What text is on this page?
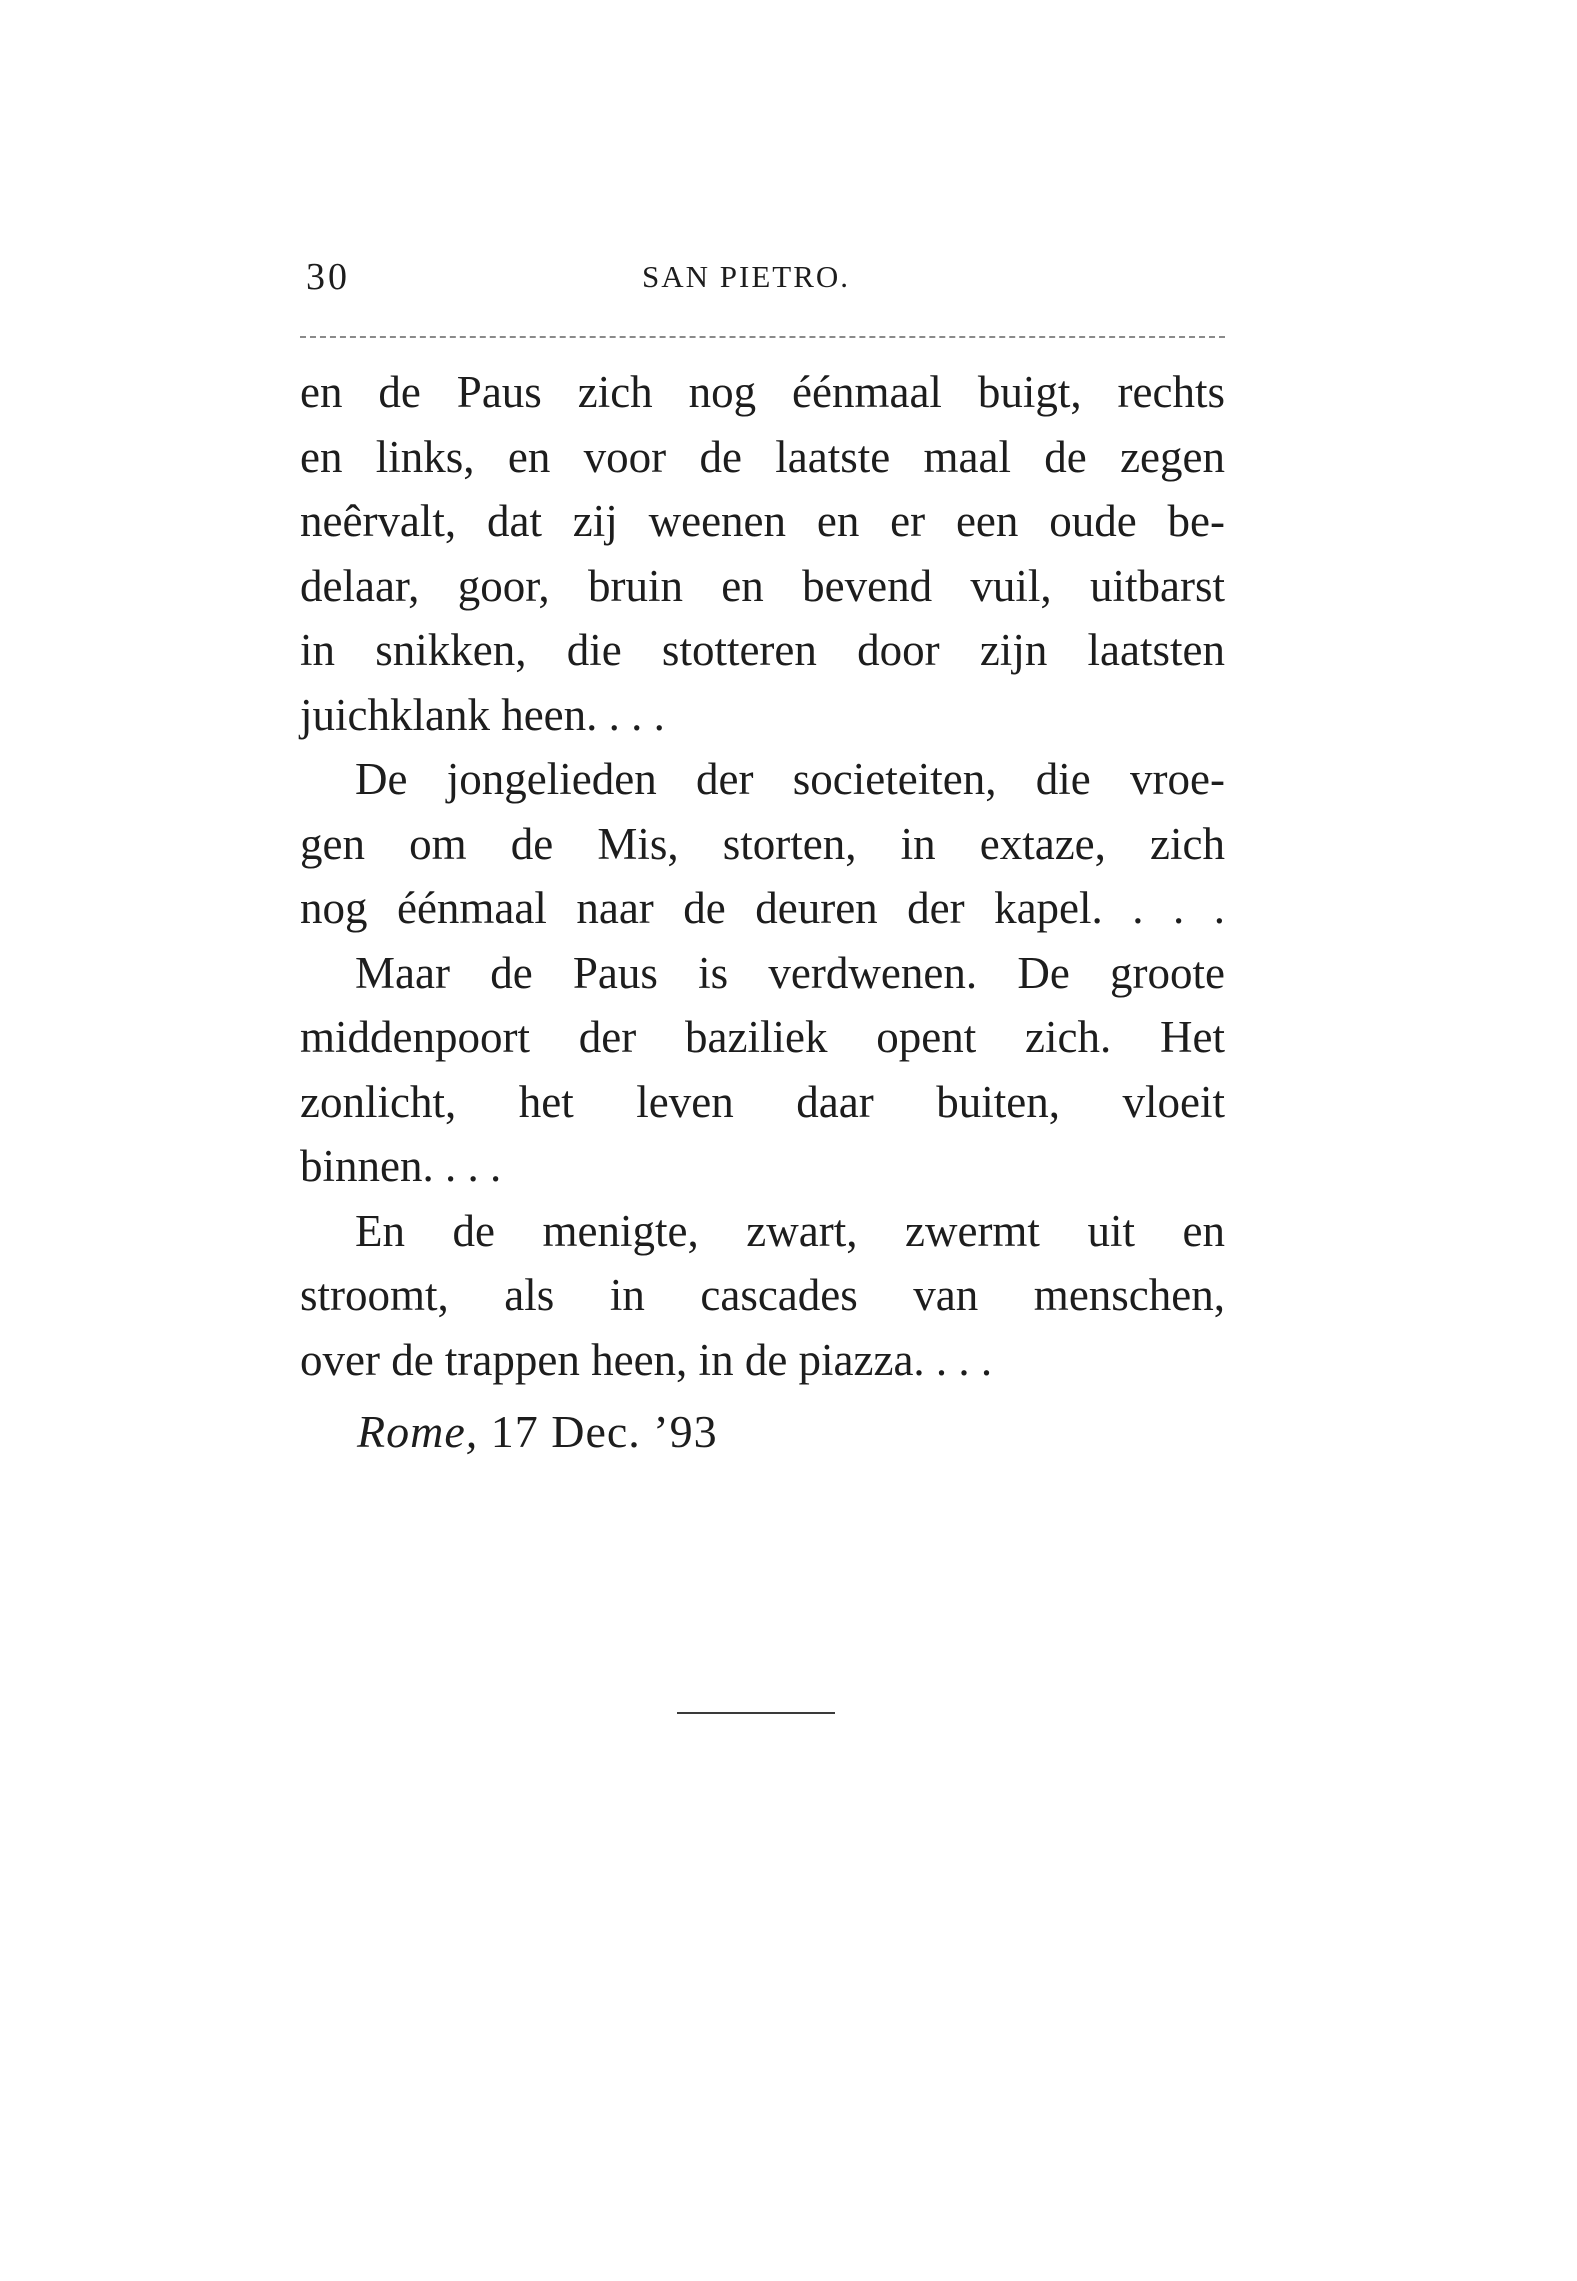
30	SAN PIETRO.

en de Paus zich nog éénmaal buigt, rechts
en links, en voor de laatste maal de zegen
neêrvalt, dat zij weenen en er een oude be-
delaar, goor, bruin en bevend vuil, uitbarst
in snikken, die stotteren door zijn laatsten
juichklank heen. . . .

De jongelieden der societeiten, die vroe-
gen om de Mis, storten, in extaze, zich
nog éénmaal naar de deuren der kapel. . . .

Maar de Paus is verdwenen. De groote
middenpoort der baziliek opent zich. Het
zonlicht, het leven daar buiten, vloeit
binnen. . . .

En de menigte, zwart, zwermt uit en
stroomt, als in cascades van menschen,
over de trappen heen, in de piazza. . . .

Rome, 17 Dec. ’93
